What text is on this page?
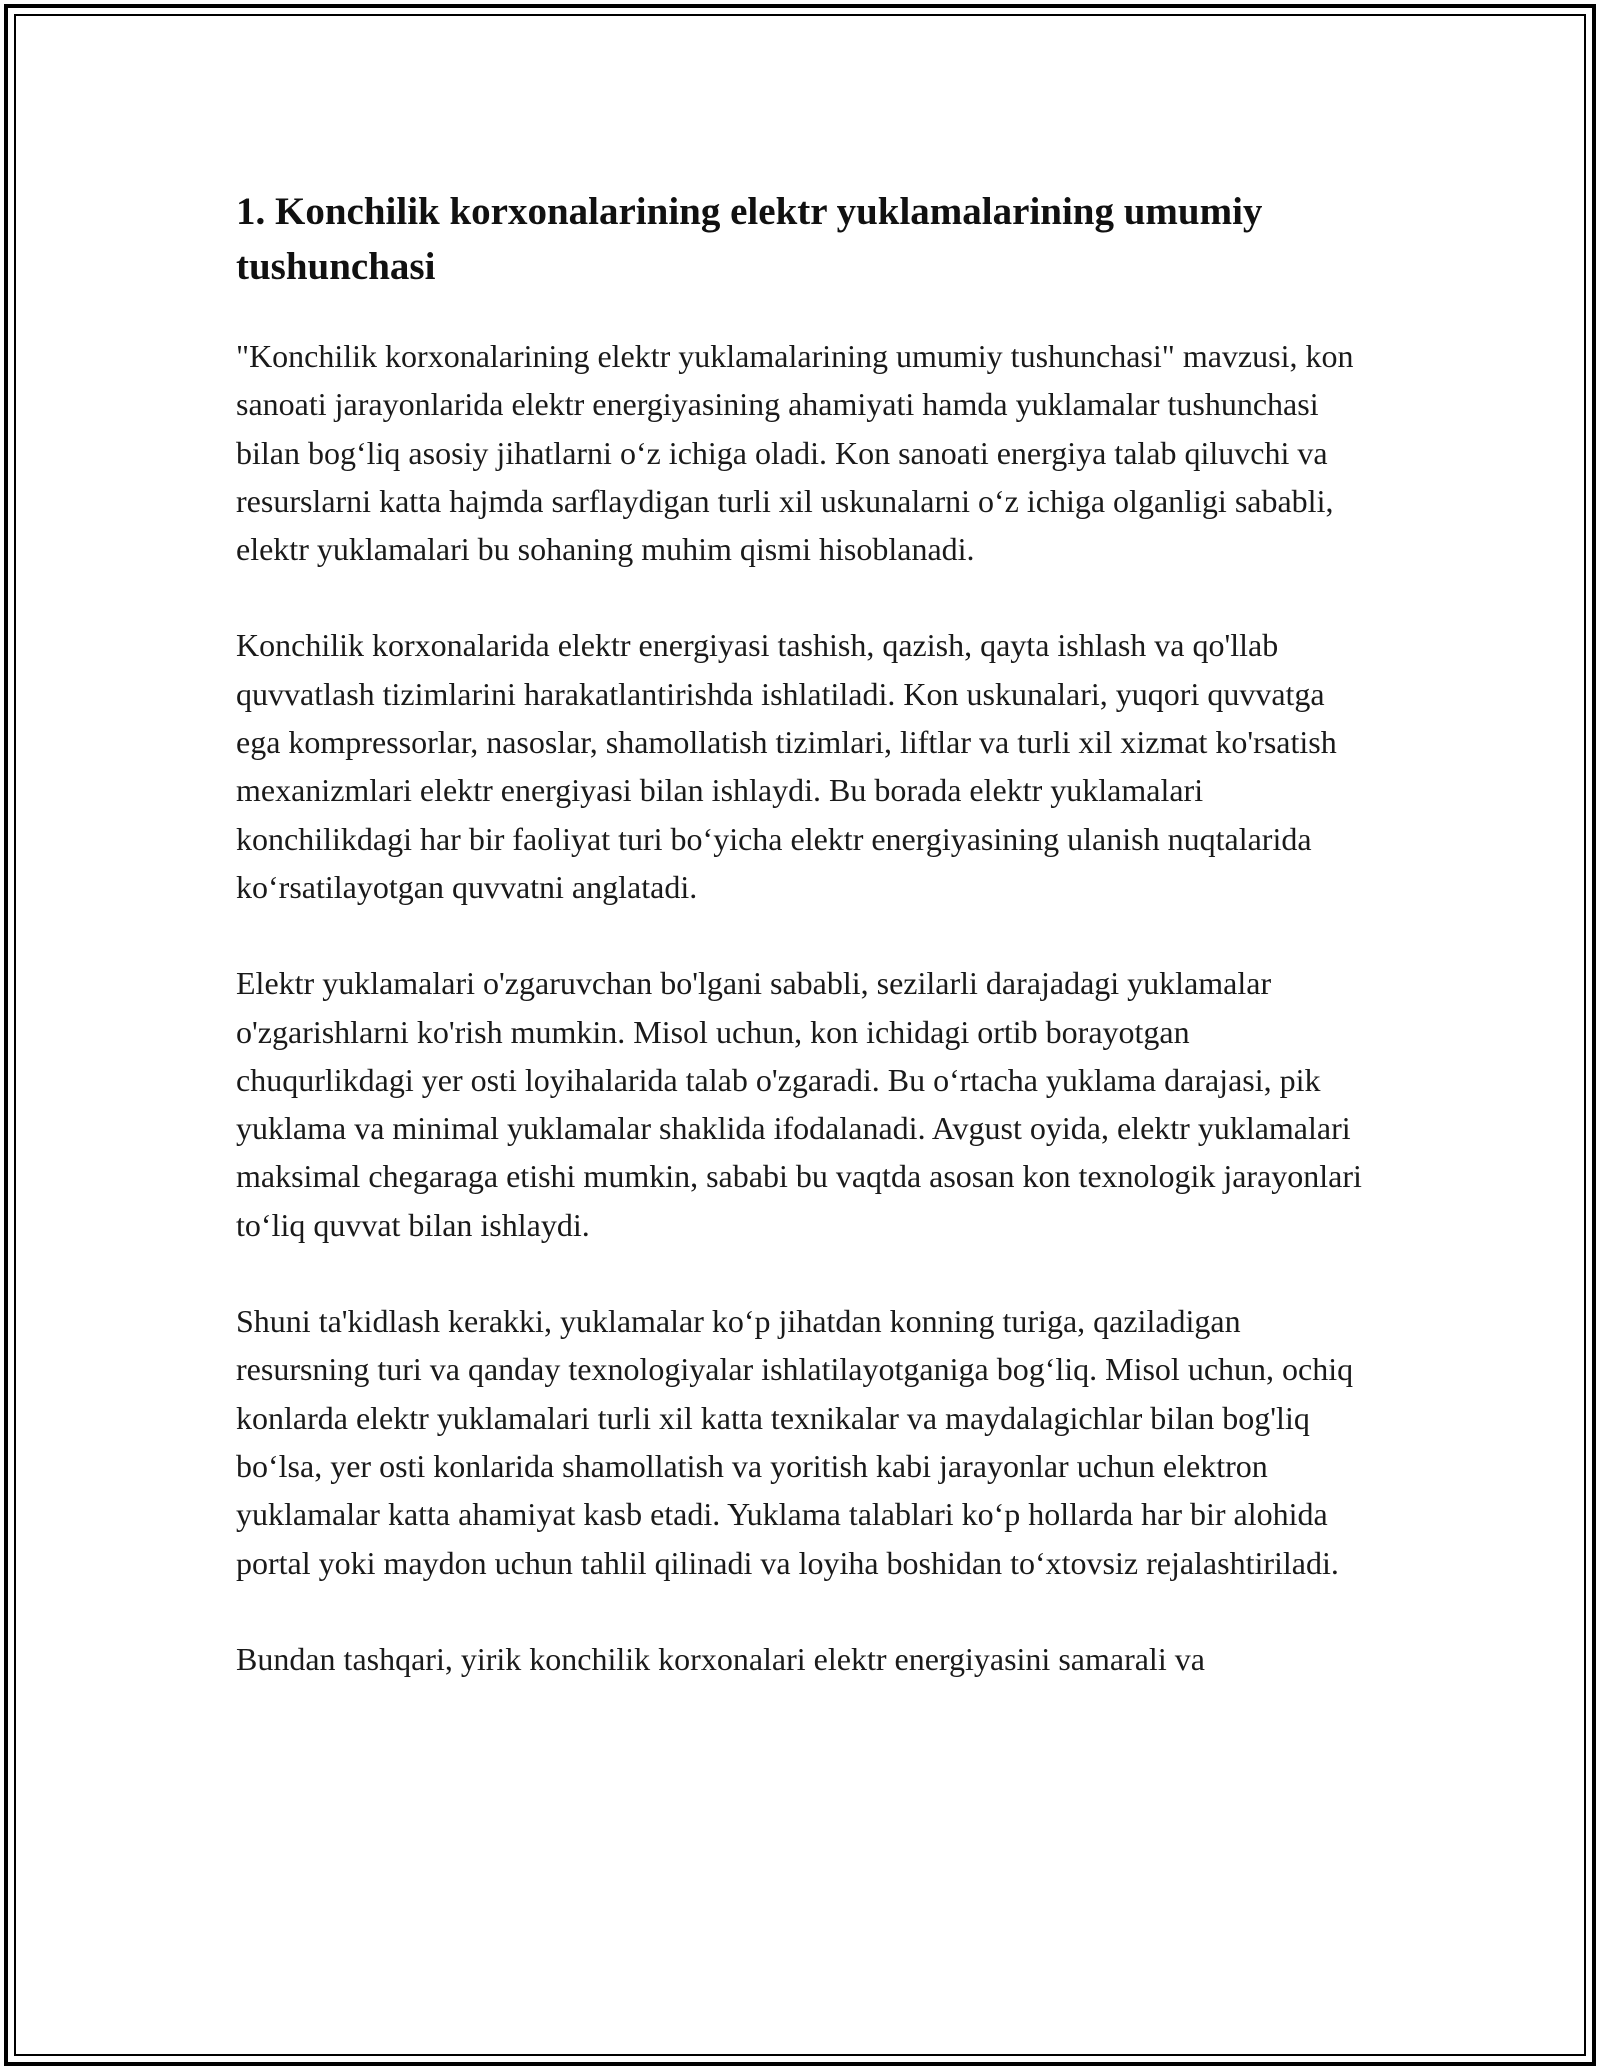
1. Konchilik korxonalarining elektr yuklamalarining umumiy tushunchasi

"Konchilik korxonalarining elektr yuklamalarining umumiy tushunchasi" mavzusi, kon sanoati jarayonlarida elektr energiyasining ahamiyati hamda yuklamalar tushunchasi bilan bogʻliq asosiy jihatlarni oʻz ichiga oladi. Kon sanoati energiya talab qiluvchi va resurslarni katta hajmda sarflaydigan turli xil uskunalarni oʻz ichiga olganligi sababli, elektr yuklamalari bu sohaning muhim qismi hisoblanadi.

Konchilik korxonalarida elektr energiyasi tashish, qazish, qayta ishlash va qo'llab quvvatlash tizimlarini harakatlantirishda ishlatiladi. Kon uskunalari, yuqori quvvatga ega kompressorlar, nasoslar, shamollatish tizimlari, liftlar va turli xil xizmat ko'rsatish mexanizmlari elektr energiyasi bilan ishlaydi. Bu borada elektr yuklamalari konchilikdagi har bir faoliyat turi boʻyicha elektr energiyasining ulanish nuqtalarida koʻrsatilayotgan quvvatni anglatadi.

Elektr yuklamalari o'zgaruvchan bo'lgani sababli, sezilarli darajadagi yuklamalar o'zgarishlarni ko'rish mumkin. Misol uchun, kon ichidagi ortib borayotgan chuqurlikdagi yer osti loyihalarida talab o'zgaradi. Bu oʻrtacha yuklama darajasi, pik yuklama va minimal yuklamalar shaklida ifodalanadi. Avgust oyida, elektr yuklamalari maksimal chegaraga etishi mumkin, sababi bu vaqtda asosan kon texnologik jarayonlari toʻliq quvvat bilan ishlaydi.

Shuni ta'kidlash kerakki, yuklamalar koʻp jihatdan konning turiga, qaziladigan resursning turi va qanday texnologiyalar ishlatilayotganiga bogʻliq. Misol uchun, ochiq konlarda elektr yuklamalari turli xil katta texnikalar va maydalagichlar bilan bog'liq boʻlsa, yer osti konlarida shamollatish va yoritish kabi jarayonlar uchun elektron yuklamalar katta ahamiyat kasb etadi. Yuklama talablari koʻp hollarda har bir alohida portal yoki maydon uchun tahlil qilinadi va loyiha boshidan toʻxtovsiz rejalashtiriladi.

Bundan tashqari, yirik konchilik korxonalari elektr energiyasini samarali va
